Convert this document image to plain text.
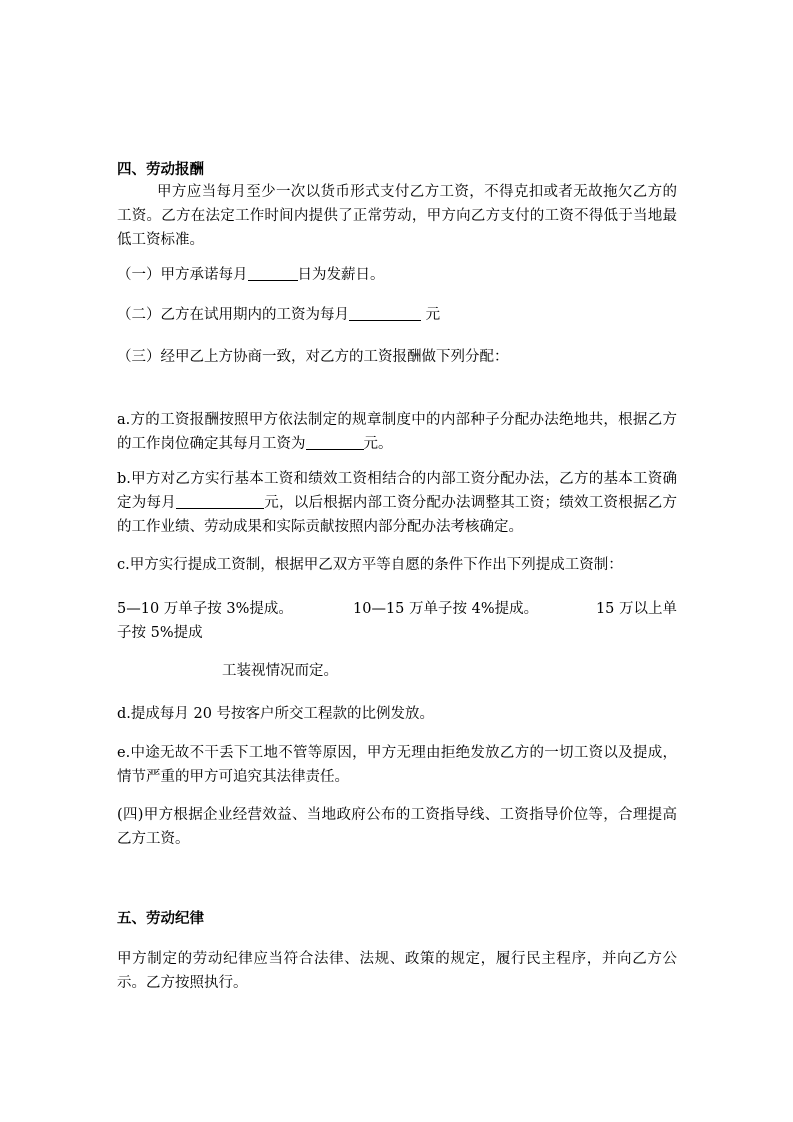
四、劳动报酬
甲方应当每月至少一次以货币形式支付乙方工资，不得克扣或者无故拖欠乙方的工资。乙方在法定工作时间内提供了正常劳动，甲方向乙方支付的工资不得低于当地最低工资标准。
（一）甲方承诺每月	日为发薪日。
（二）乙方在试用期内的工资为每月	元
（三）经甲乙上方协商一致，对乙方的工资报酬做下列分配：
a.方的工资报酬按照甲方依法制定的规章制度中的内部种子分配办法绝地共，根据乙方的工作岗位确定其每月工资为	元。
b.甲方对乙方实行基本工资和绩效工资相结合的内部工资分配办法，乙方的基本工资确定为每月	元，以后根据内部工资分配办法调整其工资；绩效工资根据乙方的工作业绩、劳动成果和实际贡献按照内部分配办法考核确定。
c.甲方实行提成工资制，根据甲乙双方平等自愿的条件下作出下列提成工资制：
5—10 万单子按 3%提成。	10—15 万单子按 4%提成。	15 万以上单
子按 5%提成
工装视情况而定。
d.提成每月 20 号按客户所交工程款的比例发放。
e.中途无故不干丢下工地不管等原因，甲方无理由拒绝发放乙方的一切工资以及提成，情节严重的甲方可追究其法律责任。
(四)甲方根据企业经营效益、当地政府公布的工资指导线、工资指导价位等，合理提高乙方工资。
五、劳动纪律
甲方制定的劳动纪律应当符合法律、法规、政策的规定，履行民主程序，并向乙方公示。乙方按照执行。
